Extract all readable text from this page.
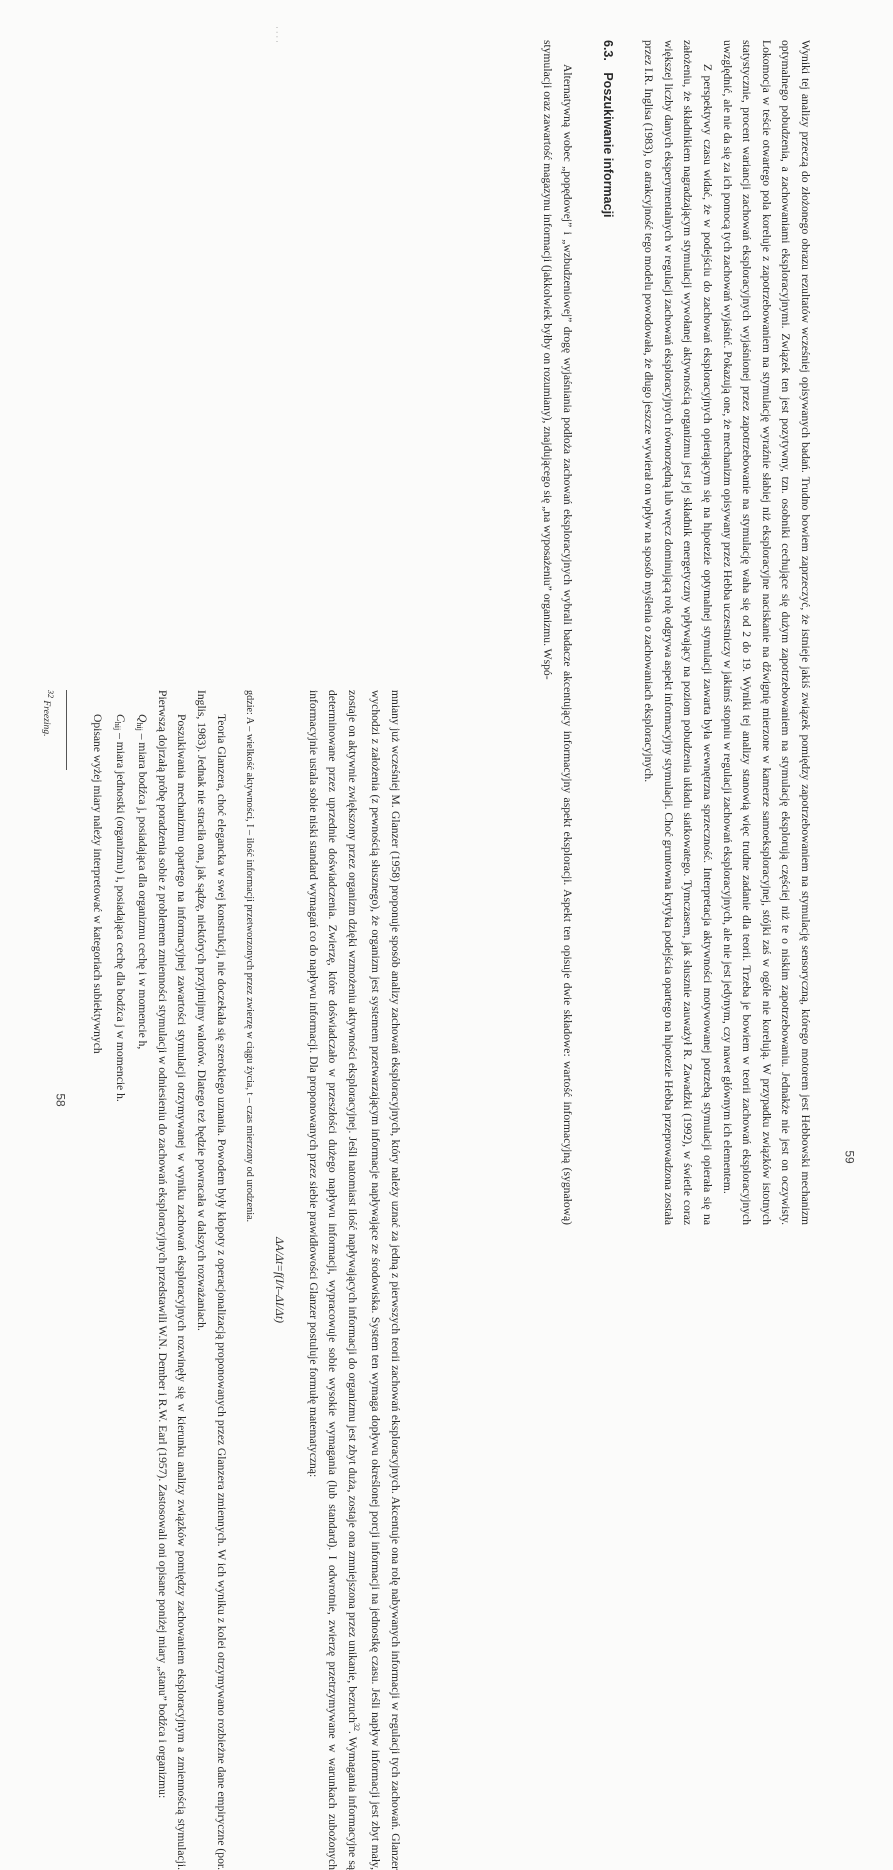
· · · ·

Wyniki tej analizy przeczą do złożonego obrazu rezultatów wcześniej opisywanych badań. Trudno bowiem zaprzeczyć, że istnieje jakiś związek pomiędzy zapotrzebowaniem na stymulację sensoryczną, którego motorem jest Hebbowski mechanizm optymalnego pobudzenia, a zachowaniami eksploracyjnymi. Związek ten jest pozytywny, tzn. osobniki cechujące się dużym zapotrzebowaniem na stymulację eksplorują częściej niż te o niskim zapotrzebowaniu. Jednakże nie jest on oczywisty. Lokomocja w teście otwartego pola koreluje z zapotrzebowaniem na stymulację wyraźnie słabiej niż eksploracyjne naciskanie na dźwignię mierzone w kamerze samoeksploracyjnej, stójki zaś w ogóle nie korelują. W przypadku związków istotnych statystycznie, procent wariancji zachowań eksploracyjnych wyjaśnionej przez zapotrzebowanie na stymulację waha się od 2 do 19. Wyniki tej analizy stanowią więc trudne zadanie dla teorii. Trzeba je bowiem w teorii zachowań eksploracyjnych uwzględnić, ale nie da się za ich pomocą tych zachowań wyjaśnić. Pokazują one, że mechanizm opisywany przez Hebba uczestniczy w jakimś stopniu w regulacji zachowań eksploracyjnych, ale nie jest jedynym, czy nawet głównym ich elementem.

Z perspektywy czasu widać, że w podejściu do zachowań eksploracyjnych opierającym się na hipotezie optymalnej stymulacji zawarta była wewnętrzna sprzeczność. Interpretacja aktywności motywowanej potrzebą stymulacji opierała się na założeniu, że składnikiem nagradzającym stymulacji wywołanej aktywnością organizmu jest jej składnik energetyczny wpływający na poziom pobudzenia układu siatkowatego. Tymczasem, jak słusznie zauważył R. Zawadzki (1992), w świetle coraz większej liczby danych eksperymentalnych w regulacji zachowań eksploracyjnych równorzędną lub wręcz dominującą rolę odgrywa aspekt informacyjny stymulacji. Choć gruntowna krytyka podejścia opartego na hipotezie Hebba przeprowadzona została przez I.R. Inglisa (1983), to atrakcyjność tego modelu powodowała, że długo jeszcze wywierał on wpływ na sposób myślenia o zachowaniach eksploracyjnych.

6.3. Poszukiwanie informacji

Alternatywną wobec „popędowej” i „wzbudzeniowej” drogę wyjaśniania podłoża zachowań eksploracyjnych wybrali badacze akcentujący informacyjny aspekt eksploracji. Aspekt ten opisuje dwie składowe: wartość informacyjną (sygnałową) stymulacji oraz zawartość magazynu informacji (jakkolwiek byłby on rozumiany), znajdującego się „na wyposażeniu” organizmu. Wspó-

58	mniany już wcześniej M. Glanzer (1958) proponuje sposób analizy zachowań eksploracyjnych, który należy uznać za jedną z pierwszych teorii zachowań eksploracyjnych. Akcentuje ona rolę nabywanych informacji w regulacji tych zachowań. Glanzer wychodzi z założenia (z pewnością słusznego), że organizm jest systemem przetwarzającym informacje napływające ze środowiska. System ten wymaga dopływu określonej porcji informacji na jednostkę czasu. Jeśli napływ informacji jest zbyt mały, zostaje on aktywnie zwiększony przez organizm dzięki wzmożeniu aktywności eksploracyjnej. Jeśli natomiast ilość napływających informacji do organizmu jest zbyt duża, zostaje ona zmniejszona przez unikanie, bezruch$^{32}$. Wymagania informacyjne są determinowane przez uprzednie doświadczenia. Zwierzę, które doświadczało w przeszłości dużego napływu informacji, wypracowuje sobie wysokie wymagania (lub standard). I odwrotnie, zwierzę przetrzymywane w warunkach zubożonych informacyjnie ustala sobie niski standard wymagań co do napływu informacji. Dla proponowanych przez siebie prawidłowości Glanzer postuluje formułę matematyczną:

ΔA/Δt=f(I/t–ΔI/Δt)

gdzie: A – wielkość aktywności, I – ilość informacji przetworzonych przez zwierzę w ciągu życia, t – czas mierzony od urodzenia.

Teoria Glanzera, choć elegancka w swej konstrukcji, nie doczekała się szerokiego uznania. Powodem były kłopoty z operacjonalizacją proponowanych przez Glanzera zmiennych. W ich wyniku z kolei otrzymywano rozbieżne dane empiryczne (por. Inglis, 1983). Jednak nie straciła ona, jak sądzę, niektórych przyjmijmy walorów. Dlatego też będzie powracała w dalszych rozważaniach.

Poszukiwania mechanizmu opartego na informacyjnej zawartości stymulacji otrzymywanej w wyniku zachowań eksploracyjnych rozwinęły się w kierunku analizy związków pomiędzy zachowaniem eksploracyjnym a zmiennością stymulacji. Pierwszą dojrzałą próbę poradzenia sobie z problemem zmienności stymulacji w odniesieniu do zachowań eksploracyjnych przedstawili W.N. Dember i R.W. Earl (1957). Zastosowali oni opisane poniżej miary „stanu” bodźca i organizmu:

$Q_{hij}$ – miara bodźca j, posiadająca dla organizmu cechę i w momencie h,

$C_{hij}$ – miara jednostki (organizmu) i, posiadająca cechę dla bodźca j w momencie h.

Opisane wyżej miary należy interpretować w kategoriach subiektywnych

$^{32}$ Freezing.

59
